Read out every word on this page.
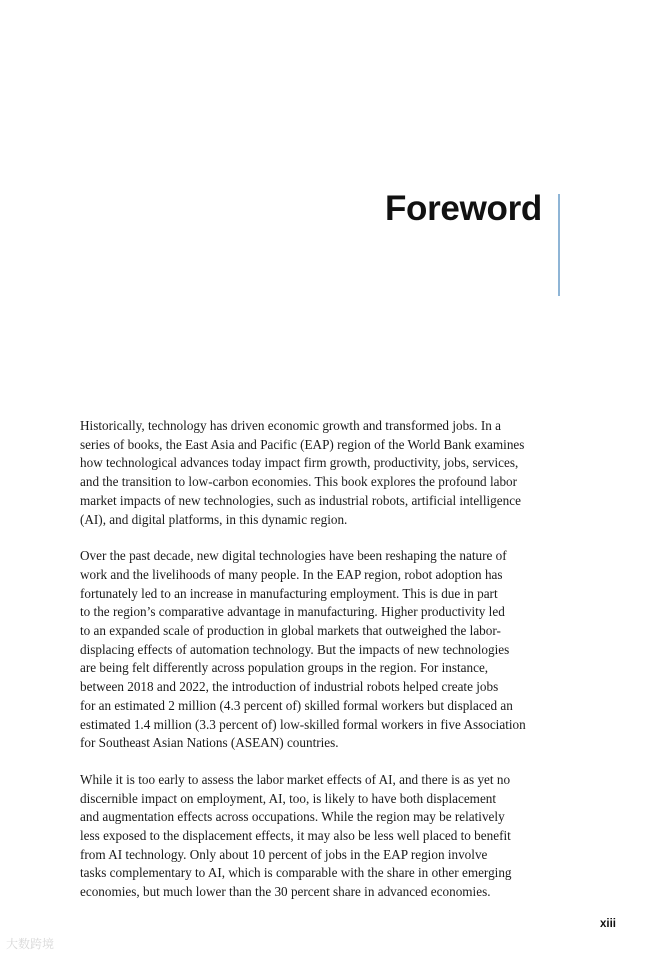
Foreword

Historically, technology has driven economic growth and transformed jobs. In a
series of books, the East Asia and Pacific (EAP) region of the World Bank examines
how technological advances today impact firm growth, productivity, jobs, services,
and the transition to low-carbon economies. This book explores the profound labor
market impacts of new technologies, such as industrial robots, artificial intelligence
(AI), and digital platforms, in this dynamic region.

Over the past decade, new digital technologies have been reshaping the nature of
work and the livelihoods of many people. In the EAP region, robot adoption has
fortunately led to an increase in manufacturing employment. This is due in part
to the region’s comparative advantage in manufacturing. Higher productivity led
to an expanded scale of production in global markets that outweighed the labor-
displacing effects of automation technology. But the impacts of new technologies
are being felt differently across population groups in the region. For instance,
between 2018 and 2022, the introduction of industrial robots helped create jobs
for an estimated 2 million (4.3 percent of) skilled formal workers but displaced an
estimated 1.4 million (3.3 percent of) low-skilled formal workers in five Association
for Southeast Asian Nations (ASEAN) countries.

While it is too early to assess the labor market effects of AI, and there is as yet no
discernible impact on employment, AI, too, is likely to have both displacement
and augmentation effects across occupations. While the region may be relatively
less exposed to the displacement effects, it may also be less well placed to benefit
from AI technology. Only about 10 percent of jobs in the EAP region involve
tasks complementary to AI, which is comparable with the share in other emerging
economies, but much lower than the 30 percent share in advanced economies.

xiii
大数跨境
